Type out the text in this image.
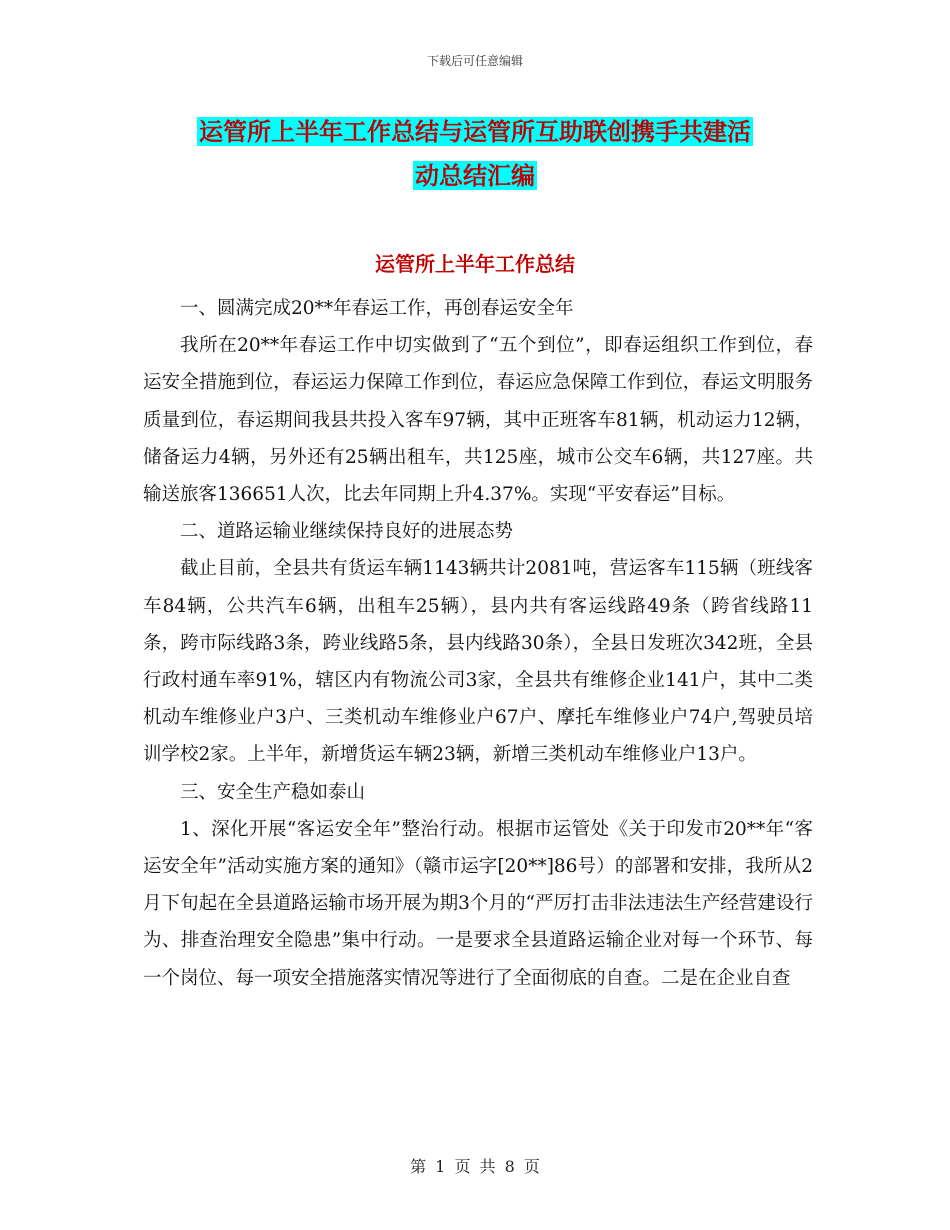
下载后可任意编辑
运管所上半年工作总结与运管所互助联创携手共建活
动总结汇编
运管所上半年工作总结

一、圆满完成20**年春运工作，再创春运安全年

我所在20**年春运工作中切实做到了“五个到位”，即春运组织工作到位，春运安全措施到位，春运运力保障工作到位，春运应急保障工作到位，春运文明服务质量到位，春运期间我县共投入客车97辆，其中正班客车81辆，机动运力12辆，储备运力4辆，另外还有25辆出租车，共125座，城市公交车6辆，共127座。共输送旅客136651人次，比去年同期上升4.37%。实现“平安春运”目标。

二、道路运输业继续保持良好的进展态势

截止目前，全县共有货运车辆1143辆共计2081吨，营运客车115辆（班线客车84辆，公共汽车6辆，出租车25辆），县内共有客运线路49条（跨省线路11条，跨市际线路3条，跨业线路5条，县内线路30条），全县日发班次342班，全县行政村通车率91%，辖区内有物流公司3家，全县共有维修企业141户，其中二类机动车维修业户3户、三类机动车维修业户67户、摩托车维修业户74户,驾驶员培训学校2家。上半年，新增货运车辆23辆，新增三类机动车维修业户13户。

三、安全生产稳如泰山

1、深化开展“客运安全年”整治行动。根据市运管处《关于印发市20**年“客运安全年”活动实施方案的通知》（赣市运字[20**]86号）的部署和安排，我所从2月下旬起在全县道路运输市场开展为期3个月的“严厉打击非法违法生产经营建设行为、排查治理安全隐患”集中行动。一是要求全县道路运输企业对每一个环节、每一个岗位、每一项安全措施落实情况等进行了全面彻底的自查。二是在企业自查

第 1 页 共 8 页
